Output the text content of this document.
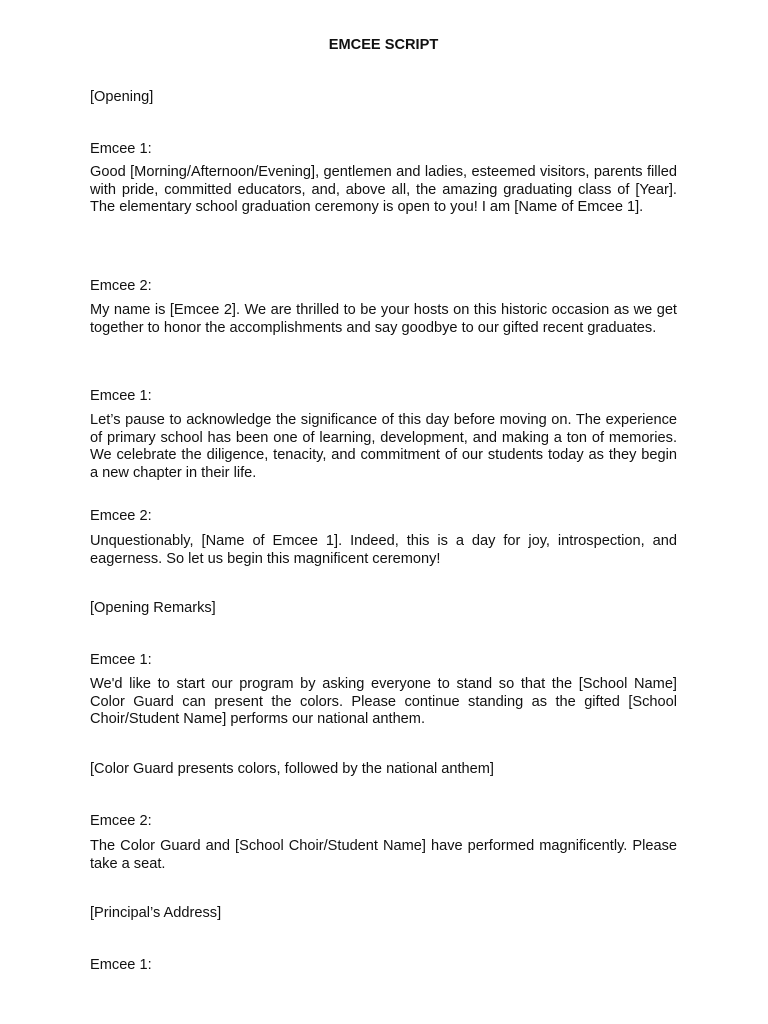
EMCEE SCRIPT

[Opening]

Emcee 1:

Good [Morning/Afternoon/Evening], gentlemen and ladies, esteemed visitors, parents filled with pride, committed educators, and, above all, the amazing graduating class of [Year]. The elementary school graduation ceremony is open to you! I am [Name of Emcee 1].

Emcee 2:

My name is [Emcee 2]. We are thrilled to be your hosts on this historic occasion as we get together to honor the accomplishments and say goodbye to our gifted recent graduates.

Emcee 1:

Let’s pause to acknowledge the significance of this day before moving on. The experience of primary school has been one of learning, development, and making a ton of memories. We celebrate the diligence, tenacity, and commitment of our students today as they begin a new chapter in their life.

Emcee 2:

Unquestionably, [Name of Emcee 1]. Indeed, this is a day for joy, introspection, and eagerness. So let us begin this magnificent ceremony!

[Opening Remarks]

Emcee 1:

We'd like to start our program by asking everyone to stand so that the [School Name] Color Guard can present the colors. Please continue standing as the gifted [School Choir/Student Name] performs our national anthem.

[Color Guard presents colors, followed by the national anthem]

Emcee 2:

The Color Guard and [School Choir/Student Name] have performed magnificently. Please take a seat.

[Principal’s Address]

Emcee 1:
